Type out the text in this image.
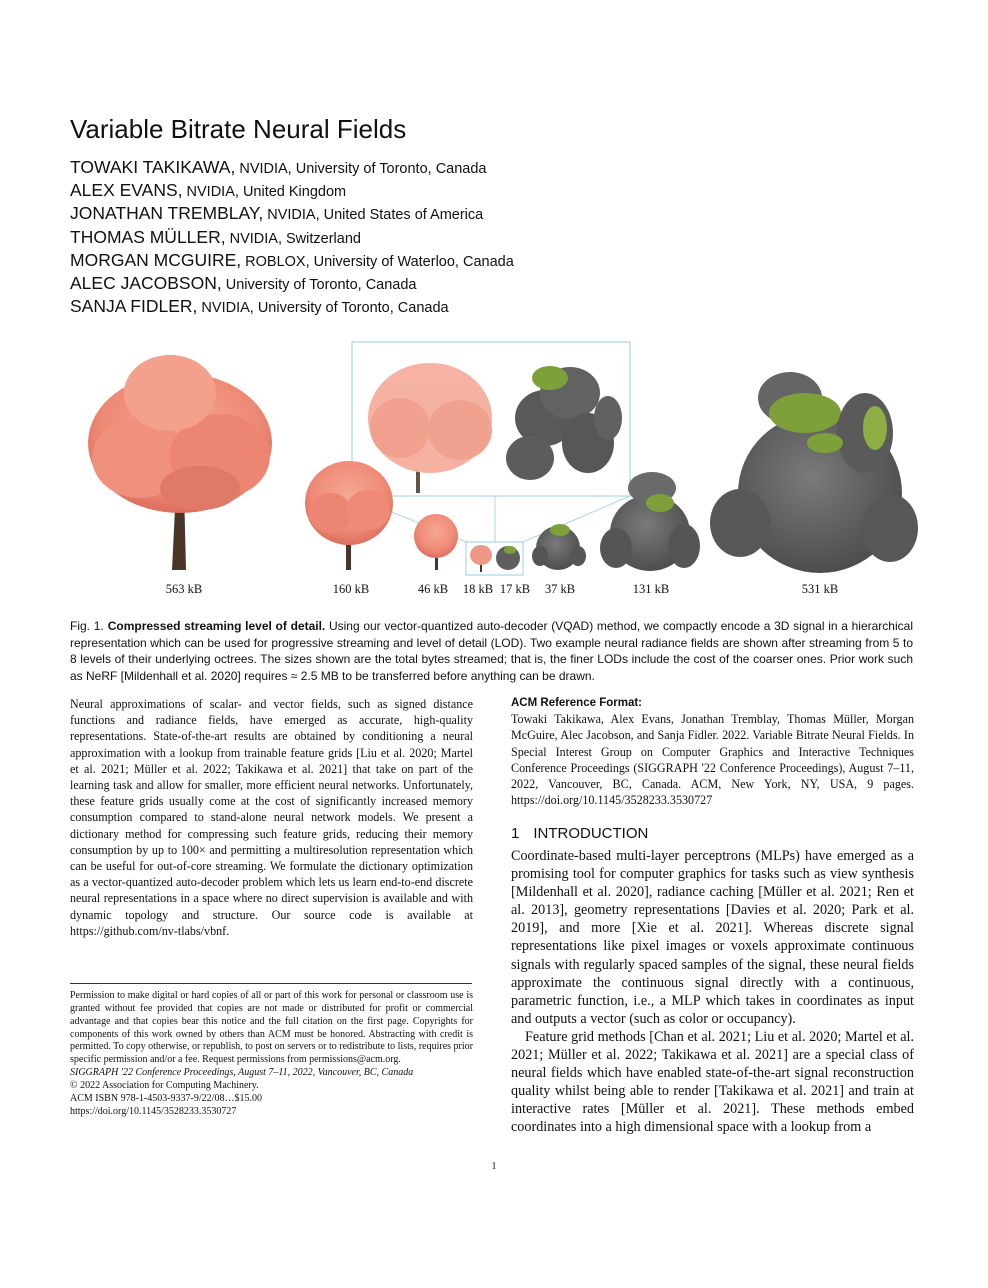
Variable Bitrate Neural Fields
TOWAKI TAKIKAWA, NVIDIA, University of Toronto, Canada
ALEX EVANS, NVIDIA, United Kingdom
JONATHAN TREMBLAY, NVIDIA, United States of America
THOMAS MÜLLER, NVIDIA, Switzerland
MORGAN MCGUIRE, ROBLOX, University of Waterloo, Canada
ALEC JACOBSON, University of Toronto, Canada
SANJA FIDLER, NVIDIA, University of Toronto, Canada
563 kB	160 kB	46 kB 18 kB 17 kB 37 kB	131 kB	531 kB
Fig. 1. Compressed streaming level of detail. Using our vector-quantized auto-decoder (VQAD) method, we compactly encode a 3D signal in a hierarchical representation which can be used for progressive streaming and level of detail (LOD). Two example neural radiance fields are shown after streaming from 5 to 8 levels of their underlying octrees. The sizes shown are the total bytes streamed; that is, the finer LODs include the cost of the coarser ones. Prior work such as NeRF [Mildenhall et al. 2020] requires ≈ 2.5 MB to be transferred before anything can be drawn.
Neural approximations of scalar- and vector fields, such as signed distance functions and radiance fields, have emerged as accurate, high-quality representations. State-of-the-art results are obtained by conditioning a neural approximation with a lookup from trainable feature grids [Liu et al. 2020; Martel et al. 2021; Müller et al. 2022; Takikawa et al. 2021] that take on part of the learning task and allow for smaller, more efficient neural networks. Unfortunately, these feature grids usually come at the cost of significantly increased memory consumption compared to stand-alone neural network models. We present a dictionary method for compressing such feature grids, reducing their memory consumption by up to 100× and permitting a multiresolution representation which can be useful for out-of-core streaming. We formulate the dictionary optimization as a vector-quantized auto-decoder problem which lets us learn end-to-end discrete neural representations in a space where no direct supervision is available and with dynamic topology and structure. Our source code is available at https://github.com/nv-tlabs/vbnf.
Permission to make digital or hard copies of all or part of this work for personal or classroom use is granted without fee provided that copies are not made or distributed for profit or commercial advantage and that copies bear this notice and the full citation on the first page. Copyrights for components of this work owned by others than ACM must be honored. Abstracting with credit is permitted. To copy otherwise, or republish, to post on servers or to redistribute to lists, requires prior specific permission and/or a fee. Request permissions from permissions@acm.org.
SIGGRAPH '22 Conference Proceedings, August 7–11, 2022, Vancouver, BC, Canada
© 2022 Association for Computing Machinery.
ACM ISBN 978-1-4503-9337-9/22/08…$15.00
https://doi.org/10.1145/3528233.3530727
ACM Reference Format:
Towaki Takikawa, Alex Evans, Jonathan Tremblay, Thomas Müller, Morgan McGuire, Alec Jacobson, and Sanja Fidler. 2022. Variable Bitrate Neural Fields. In Special Interest Group on Computer Graphics and Interactive Techniques Conference Proceedings (SIGGRAPH '22 Conference Proceedings), August 7–11, 2022, Vancouver, BC, Canada. ACM, New York, NY, USA, 9 pages. https://doi.org/10.1145/3528233.3530727
1 INTRODUCTION

Coordinate-based multi-layer perceptrons (MLPs) have emerged as a promising tool for computer graphics for tasks such as view synthesis [Mildenhall et al. 2020], radiance caching [Müller et al. 2021; Ren et al. 2013], geometry representations [Davies et al. 2020; Park et al. 2019], and more [Xie et al. 2021]. Whereas discrete signal representations like pixel images or voxels approximate continuous signals with regularly spaced samples of the signal, these neural fields approximate the continuous signal directly with a continuous, parametric function, i.e., a MLP which takes in coordinates as input and outputs a vector (such as color or occupancy).

Feature grid methods [Chan et al. 2021; Liu et al. 2020; Martel et al. 2021; Müller et al. 2022; Takikawa et al. 2021] are a special class of neural fields which have enabled state-of-the-art signal reconstruction quality whilst being able to render [Takikawa et al. 2021] and train at interactive rates [Müller et al. 2021]. These methods embed coordinates into a high dimensional space with a lookup from a

1
